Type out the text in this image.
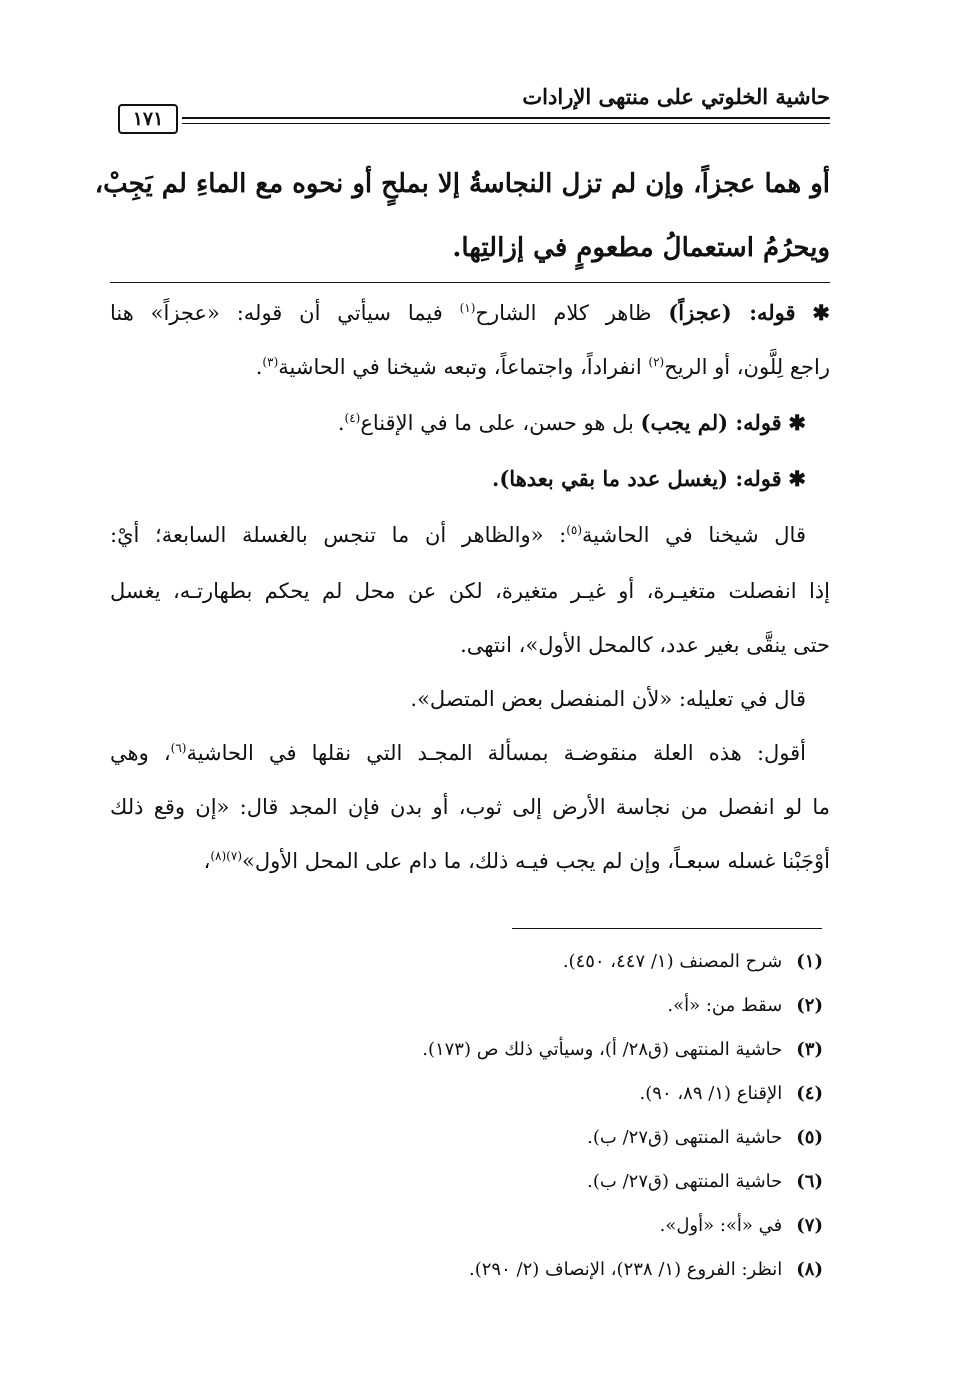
حاشية الخلوتي على منتهى الإرادات
١٧١
أو هما عجزاً، وإن لم تزل النجاسةُ إلا بملحٍ أو نحوه مع الماءِ لم يَجِبْ،
ويحرُمُ استعمالُ مطعومٍ في إزالتِها.
✱ قوله: (عجزاً) ظاهر كلام الشارح$^{(١)}$ فيما سيأتي أن قوله: «عجزاً» هنا
راجع لِلَّون، أو الريح$^{(٢)}$ انفراداً، واجتماعاً، وتبعه شيخنا في الحاشية$^{(٣)}$.
✱ قوله: (لم يجب) بل هو حسن، على ما في الإقناع$^{(٤)}$.
✱ قوله: (يغسل عدد ما بقي بعدها).
قال شيخنا في الحاشية$^{(٥)}$: «والظاهر أن ما تنجس بالغسلة السابعة؛ أيْ:
إذا انفصلت متغيـرة، أو غيـر متغيرة، لكن عن محل لم يحكم بطهارتـه، يغسل
حتى ينقَّى بغير عدد، كالمحل الأول»، انتهى.
قال في تعليله: «لأن المنفصل بعض المتصل».
أقول: هذه العلة منقوضـة بمسألة المجـد التي نقلها في الحاشية$^{(٦)}$، وهي
ما لو انفصل من نجاسة الأرض إلى ثوب، أو بدن فإن المجد قال: «إن وقع ذلك
أوْجَبْنا غسله سبعـاً، وإن لم يجب فيـه ذلك، ما دام على المحل الأول»$^{(٧)(٨)}$،
(١)شرح المصنف (١/ ٤٤٧، ٤٥٠).
(٢)سقط من: «أ».
(٣)حاشية المنتهى (ق٢٨/ أ)، وسيأتي ذلك ص (١٧٣).
(٤)الإقناع (١/ ٨٩، ٩٠).
(٥)حاشية المنتهى (ق٢٧/ ب).
(٦)حاشية المنتهى (ق٢٧/ ب).
(٧)في «أ»: «أول».
(٨)انظر: الفروع (١/ ٢٣٨)، الإنصاف (٢/ ٢٩٠).
